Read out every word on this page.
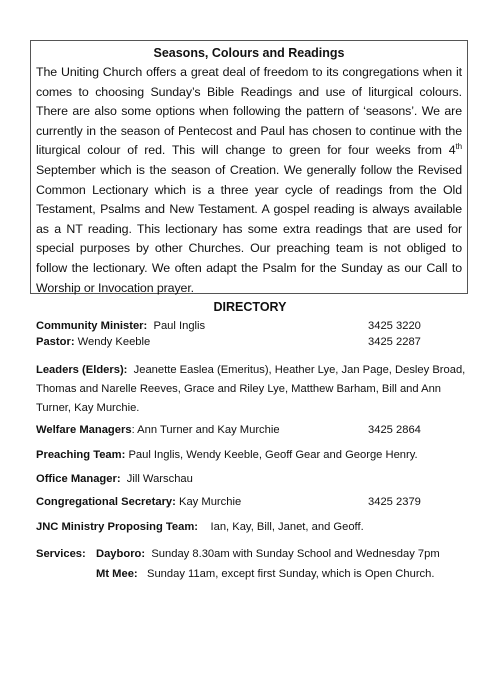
Seasons, Colours and Readings

The Uniting Church offers a great deal of freedom to its congregations when it comes to choosing Sunday’s Bible Readings and use of liturgical colours. There are also some options when following the pattern of ‘seasons’. We are currently in the season of Pentecost and Paul has chosen to continue with the liturgical colour of red. This will change to green for four weeks from 4th September which is the season of Creation. We generally follow the Revised Common Lectionary which is a three year cycle of readings from the Old Testament, Psalms and New Testament. A gospel reading is always available as a NT reading. This lectionary has some extra readings that are used for special purposes by other Churches. Our preaching team is not obliged to follow the lectionary. We often adapt the Psalm for the Sunday as our Call to Worship or Invocation prayer.

DIRECTORY
Community Minister: Paul Inglis	3425 3220
Pastor: Wendy Keeble	3425 2287
Leaders (Elders): Jeanette Easlea (Emeritus), Heather Lye, Jan Page, Desley Broad, Thomas and Narelle Reeves, Grace and Riley Lye, Matthew Barham, Bill and Ann Turner, Kay Murchie.
Welfare Managers: Ann Turner and Kay Murchie	3425 2864
Preaching Team: Paul Inglis, Wendy Keeble, Geoff Gear and George Henry.
Office Manager: Jill Warschau
Congregational Secretary: Kay Murchie	3425 2379
JNC Ministry Proposing Team: Ian, Kay, Bill, Janet, and Geoff.
Services: Dayboro: Sunday 8.30am with Sunday School and Wednesday 7pm
Mt Mee: Sunday 11am, except first Sunday, which is Open Church.
